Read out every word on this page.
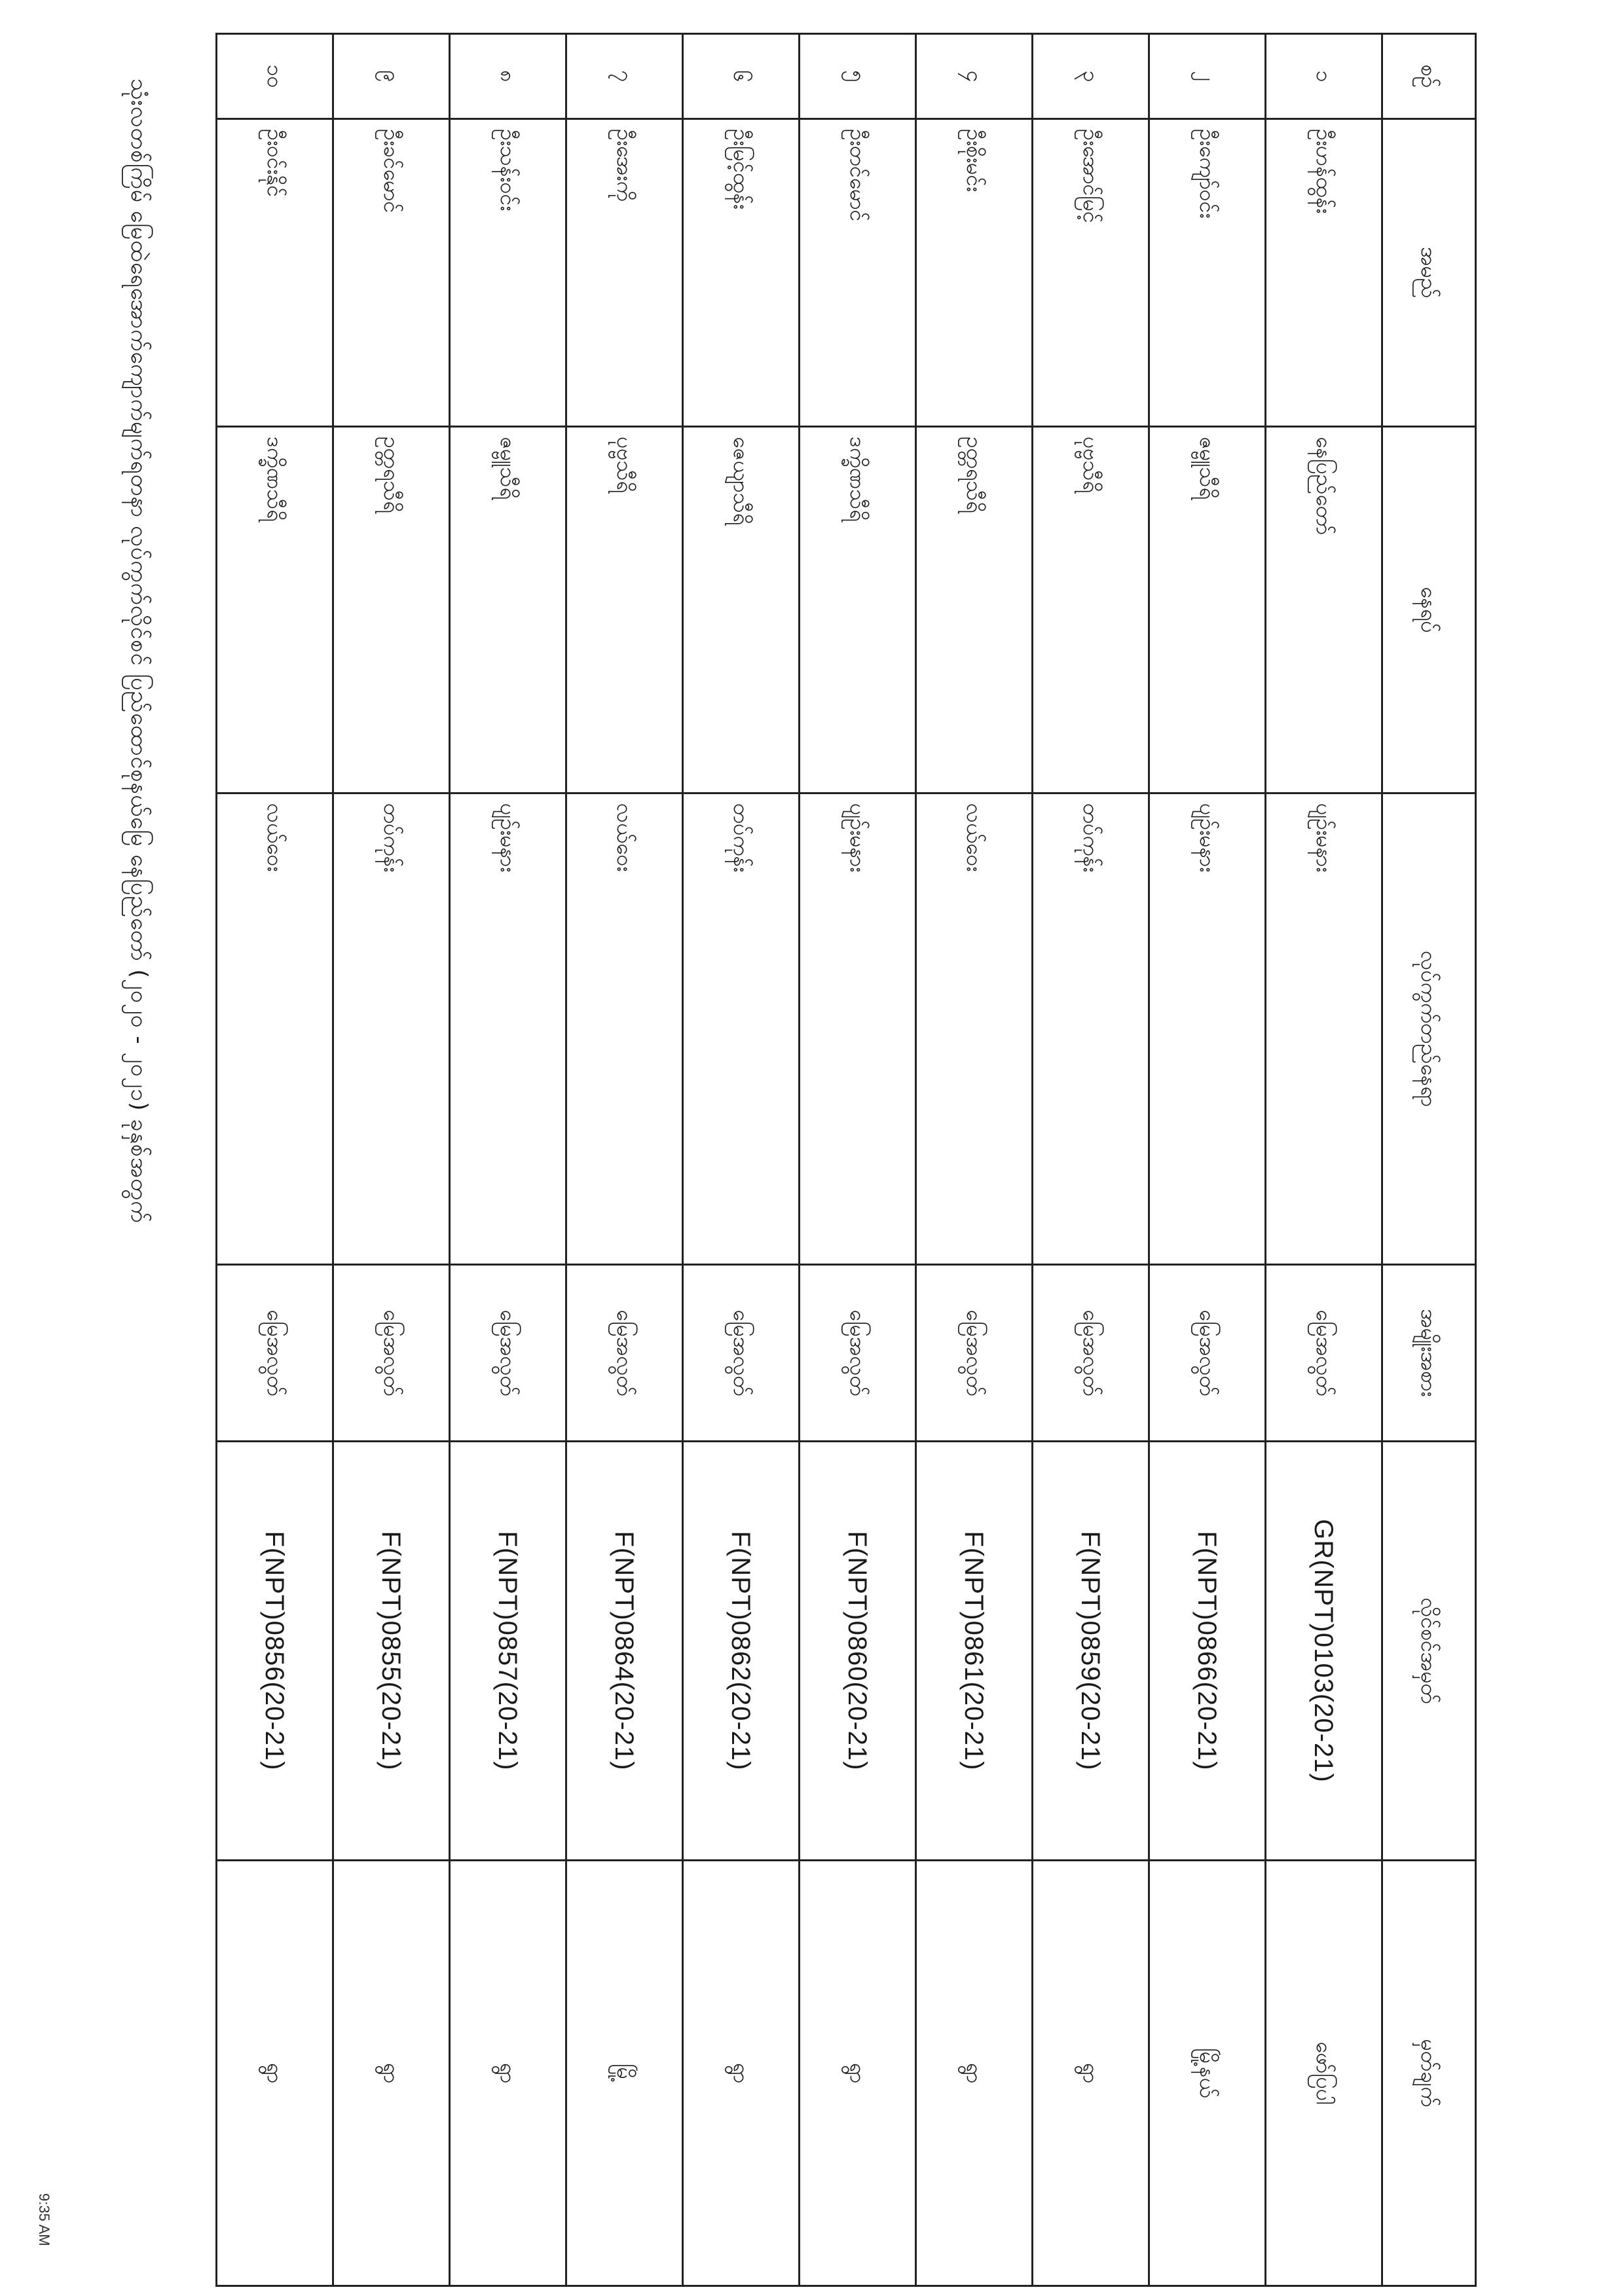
စဉ်	အမည်	နေရပ်	လုပ်ကွက်တည်နေရာ	အမျိုးအစား	လိုင်စင်အမှတ်	မှတ်ချက်
၁	ဦးဟန်ထွန်း	နေပြည်တော်	ပျဉ်းမနား	မြေအလွတ်	GR(NPT)0103(20-21)	ဖော်ပြပါ
၂	ဦးကျော်ဝင်း	ဇမ္ဗူသီရိ	ပျဉ်းမနား	မြေအလွတ်	F(NPT)0866(20-21)	မြို့နယ်
၃	ဦးအောင်မြင့်	ပုဗ္ဗသီရိ	တပ်ကုန်း	မြေအလွတ်	F(NPT)0859(20-21)	ရွာ
၄	ဦးစိုးမင်း	ဥတ္တရသီရိ	လယ်ဝေး	မြေအလွတ်	F(NPT)0861(20-21)	ရွာ
၅	ဦးတင်မောင်	ဒက္ခိဏသီရိ	ပျဉ်းမနား	မြေအလွတ်	F(NPT)0860(20-21)	ရွာ
၆	ဦးမြင့်ထွန်း	ဇေယျာသီရိ	တပ်ကုန်း	မြေအလွတ်	F(NPT)0862(20-21)	ရွာ
၇	ဦးအေးကို	ပုဗ္ဗသီရိ	လယ်ဝေး	မြေအလွတ်	F(NPT)0864(20-21)	မြို့
၈	ဦးသန်းဝင်း	ဇမ္ဗူသီရိ	ပျဉ်းမနား	မြေအလွတ်	F(NPT)0857(20-21)	ရွာ
၉	ဦးခင်မောင်	ဥတ္တရသီရိ	တပ်ကုန်း	မြေအလွတ်	F(NPT)0855(20-21)	ရွာ
၁၀	ဦးဝင်းနိုင်	ဒက္ခိဏသီရိ	လယ်ဝေး	မြေအလွတ်	F(NPT)0856(20-21)	ရွာ
သုံးလတစ်ကြိမ် မြေထဲရေအောက်ကျောက်မျက်ရတနာ လုပ်ကွက်လိုင်စင် ပြည်ထောင်စုနယ်မြေ နေပြည်တော် (၂၀၂၀ - ၂၀၂၁) ခုနှစ်အတွက်
9:35 AM
